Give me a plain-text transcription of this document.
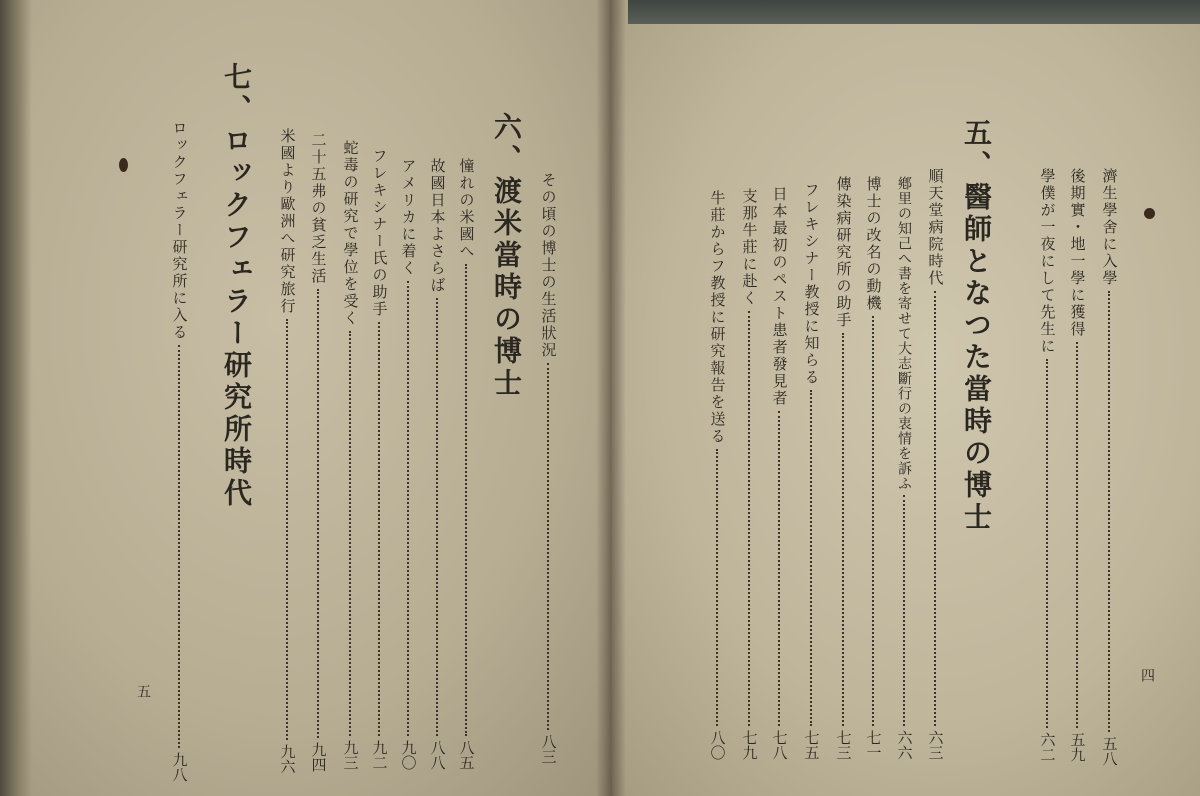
七、ロックフェラー研究所時代
ロックフェラー研究所に入る
九八
その頃の博士の生活狀況
八三
六、渡米當時の博士
憧れの米國へ
八五
故國日本よさらば
八八
アメリカに着く
九〇
フレキシナー氏の助手
九二
蛇毒の研究で學位を受く
九三
二十五弗の貧乏生活
九四
米國より歐洲へ研究旅行
九六
五
濟生學舍に入學
五八
後期實・地一學に獲得
五九
學僕が一夜にして先生に
六二
五、醫師となつた當時の博士
順天堂病院時代
六三
鄕里の知己へ書を寄せて大志斷行の衷情を訴ふ
六六
博士の改名の動機
七一
傳染病研究所の助手
七三
フレキシナー教授に知らる
七五
日本最初のペスト患者發見者
七八
支那牛莊に赴く
七九
牛莊からフ教授に研究報告を送る
八〇
四
